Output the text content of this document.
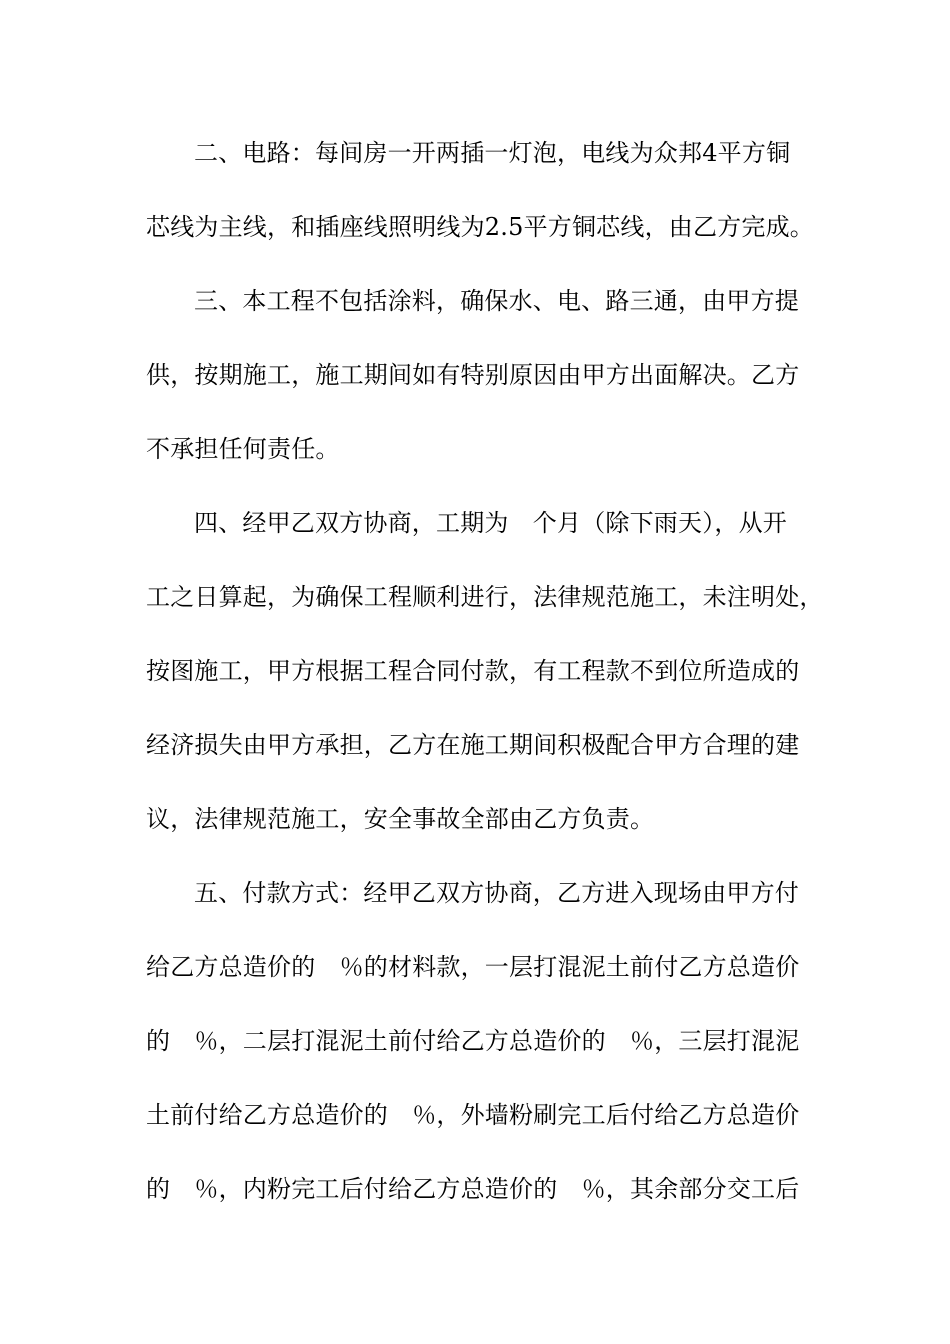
二、电路：每间房一开两插一灯泡，电线为众邦4平方铜
芯线为主线，和插座线照明线为2.5平方铜芯线，由乙方完成。
三、本工程不包括涂料，确保水、电、路三通，由甲方提
供，按期施工，施工期间如有特别原因由甲方出面解决。乙方
不承担任何责任。
四、经甲乙双方协商，工期为　个月（除下雨天），从开
工之日算起，为确保工程顺利进行，法律规范施工，未注明处，
按图施工，甲方根据工程合同付款，有工程款不到位所造成的
经济损失由甲方承担，乙方在施工期间积极配合甲方合理的建
议，法律规范施工，安全事故全部由乙方负责。
五、付款方式：经甲乙双方协商，乙方进入现场由甲方付
给乙方总造价的　％的材料款，一层打混泥土前付乙方总造价
的　％，二层打混泥土前付给乙方总造价的　％，三层打混泥
土前付给乙方总造价的　％，外墙粉刷完工后付给乙方总造价
的　％，内粉完工后付给乙方总造价的　％，其余部分交工后
